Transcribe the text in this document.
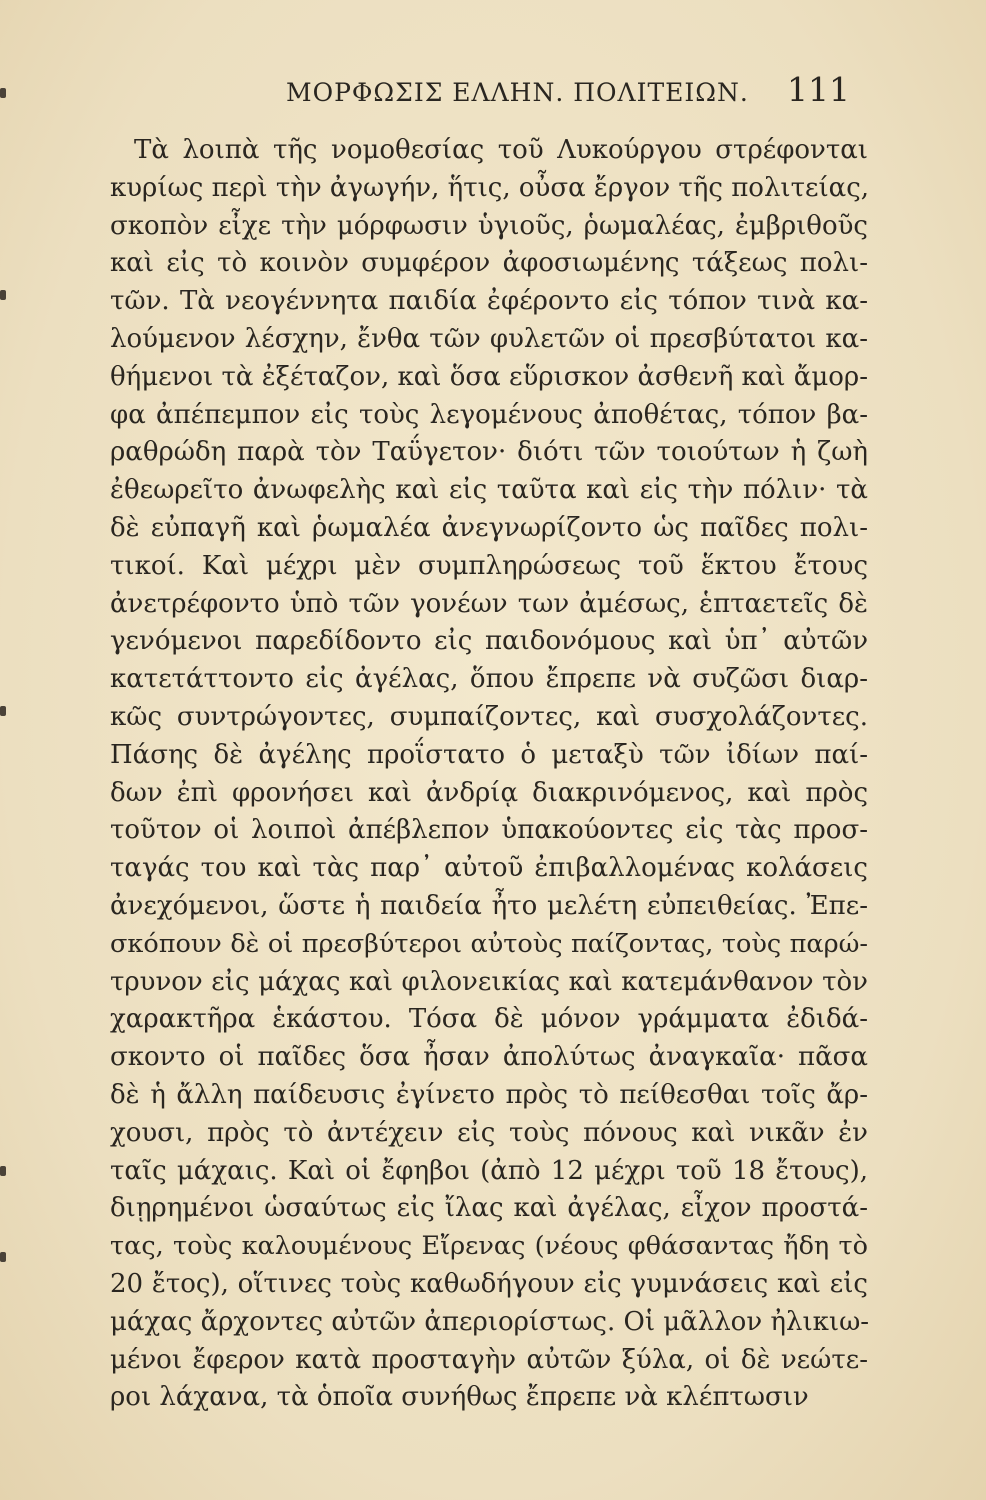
ΜΟΡΦΩΣΙΣ ΕΛΛΗΝ. ΠΟΛΙΤΕΙΩΝ. 111
Τὰ λοιπὰ τῆς νομοθεσίας τοῦ Λυκούργου στρέφονται
κυρίως περὶ τὴν ἀγωγήν, ἥτις, οὖσα ἔργον τῆς πολιτείας,
σκοπὸν εἶχε τὴν μόρφωσιν ὑγιοῦς, ῥωμαλέας, ἐμβριθοῦς
καὶ εἰς τὸ κοινὸν συμφέρον ἀφοσιωμένης τάξεως πολι-
τῶν. Τὰ νεογέννητα παιδία ἐφέροντο εἰς τόπον τινὰ κα-
λούμενον λέσχην, ἔνθα τῶν φυλετῶν οἱ πρεσβύτατοι κα-
θήμενοι τὰ ἐξέταζον, καὶ ὅσα εὕρισκον ἀσθενῆ καὶ ἄμορ-
φα ἀπέπεμπον εἰς τοὺς λεγομένους ἀποθέτας, τόπον βα-
ραθρώδη παρὰ τὸν Ταΰγετον· διότι τῶν τοιούτων ἡ ζωὴ
ἐθεωρεῖτο ἀνωφελὴς καὶ εἰς ταῦτα καὶ εἰς τὴν πόλιν· τὰ
δὲ εὐπαγῆ καὶ ῥωμαλέα ἀνεγνωρίζοντο ὡς παῖδες πολι-
τικοί. Καὶ μέχρι μὲν συμπληρώσεως τοῦ ἕκτου ἔτους
ἀνετρέφοντο ὑπὸ τῶν γονέων των ἀμέσως, ἑπταετεῖς δὲ
γενόμενοι παρεδίδοντο εἰς παιδονόμους καὶ ὑπ᾽ αὐτῶν
κατετάττοντο εἰς ἀγέλας, ὅπου ἔπρεπε νὰ συζῶσι διαρ-
κῶς συντρώγοντες, συμπαίζοντες, καὶ συσχολάζοντες.
Πάσης δὲ ἀγέλης προΐστατο ὁ μεταξὺ τῶν ἰδίων παί-
δων ἐπὶ φρονήσει καὶ ἀνδρίᾳ διακρινόμενος, καὶ πρὸς
τοῦτον οἱ λοιποὶ ἀπέβλεπον ὑπακούοντες εἰς τὰς προσ-
ταγάς του καὶ τὰς παρ᾽ αὐτοῦ ἐπιβαλλομένας κολάσεις
ἀνεχόμενοι, ὥστε ἡ παιδεία ἦτο μελέτη εὐπειθείας. Ἐπε-
σκόπουν δὲ οἱ πρεσβύτεροι αὐτοὺς παίζοντας, τοὺς παρώ-
τρυνον εἰς μάχας καὶ φιλονεικίας καὶ κατεμάνθανον τὸν
χαρακτῆρα ἑκάστου. Τόσα δὲ μόνον γράμματα ἐδιδά-
σκοντο οἱ παῖδες ὅσα ἦσαν ἀπολύτως ἀναγκαῖα· πᾶσα
δὲ ἡ ἄλλη παίδευσις ἐγίνετο πρὸς τὸ πείθεσθαι τοῖς ἄρ-
χουσι, πρὸς τὸ ἀντέχειν εἰς τοὺς πόνους καὶ νικᾶν ἐν
ταῖς μάχαις. Καὶ οἱ ἔφηβοι (ἀπὸ 12 μέχρι τοῦ 18 ἔτους),
διῃρημένοι ὡσαύτως εἰς ἴλας καὶ ἀγέλας, εἶχον προστά-
τας, τοὺς καλουμένους Εἴρενας (νέους φθάσαντας ἤδη τὸ
20 ἔτος), οἵτινες τοὺς καθωδήγουν εἰς γυμνάσεις καὶ εἰς
μάχας ἄρχοντες αὐτῶν ἀπεριορίστως. Οἱ μᾶλλον ἠλικιω-
μένοι ἔφερον κατὰ προσταγὴν αὐτῶν ξύλα, οἱ δὲ νεώτε-
ροι λάχανα, τὰ ὁποῖα συνήθως ἔπρεπε νὰ κλέπτωσιν
